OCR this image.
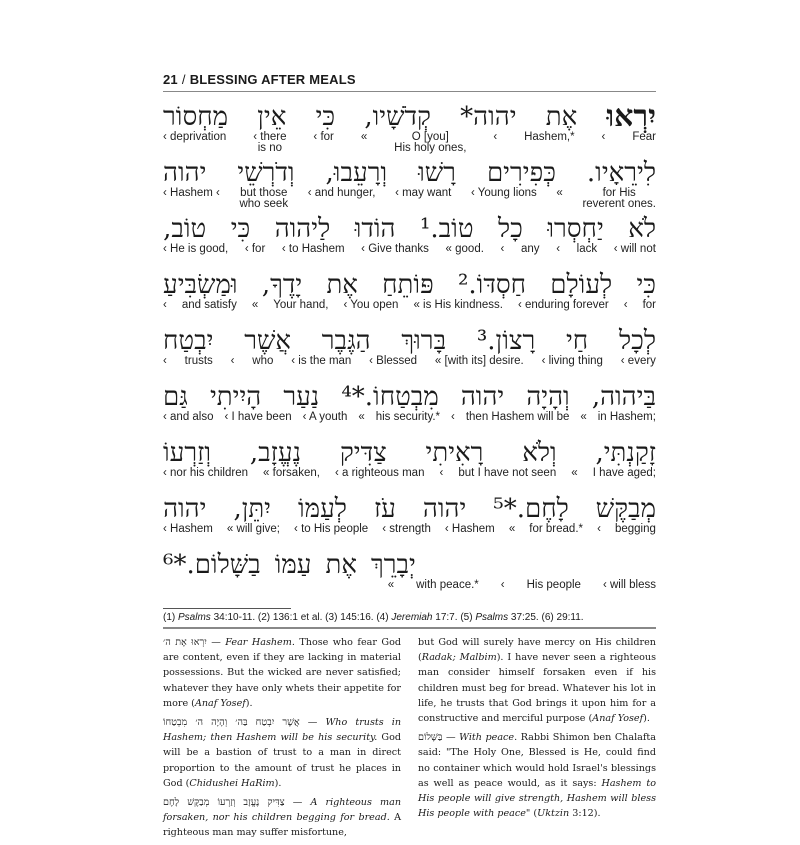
21 / BLESSING AFTER MEALS
יִרְאוּ
אֶת
יהוה*
קְדֹשָׁיו,
כִּי
אֵין
מַחְסוֹר
‹ deprivation ‹ there
is no
‹ for «	O [you]
His holy ones,
‹ Hashem,* ‹ Fear
לִירֵאָיו.
כְּפִירִים
רָשׁוּ
וְרָעֵבוּ,
וְדֹרְשֵׁי
יהוה
‹ Hashem ‹ but those
who seek
‹ and hunger, ‹ may want ‹ Young lions «	for His
reverent ones.
לֹא
יַחְסְרוּ
כָל
טוֹב.¹
הוֹדוּ
לַיהוה
כִּי
טוֹב,
‹ He is good, ‹ for ‹ to Hashem ‹ Give thanks « good. ‹ any ‹ lack ‹ will not
כִּי
לְעוֹלָם
חַסְדּוֹ.²
פּוֹתֵחַ
אֶת
יָדֶךָ,
וּמַשְׂבִּיעַ
‹ and satisfy « Your hand, ‹ You open « is His kindness. ‹ enduring forever ‹ for
לְכָל
חַי
רָצוֹן.³
בָּרוּךְ
הַגֶּבֶר
אֲשֶׁר
יִבְטַח
‹ trusts ‹ who ‹ is the man ‹ Blessed « [with its] desire. ‹ living thing ‹ every
בַּיהוה,
וְהָיָה
יהוה
מִבְטַחוֹ.*⁴
נַעַר
הָיִיתִי
גַּם
‹ and also ‹ I have been ‹ A youth « his security.* ‹ then Hashem will be « in Hashem;
זָקַנְתִּי,
וְלֹא
רָאִיתִי
צַדִּיק
נֶעֱזָב,
וְזַרְעוֹ
‹ nor his children « forsaken, ‹ a righteous man ‹ but I have not seen « I have aged;
מְבַקֶּשׁ
לָחֶם.*⁵
יהוה
עֹז
לְעַמּוֹ
יִתֵּן,
יהוה
‹ Hashem « will give; ‹ to His people ‹ strength ‹ Hashem « for bread.* ‹ begging
יְבָרֵךְ
אֶת
עַמּוֹ
בַשָּׁלוֹם.*⁶
« with peace.* ‹ His people ‹ will bless
(1) Psalms 34:10-11. (2) 136:1 et al. (3) 145:16. (4) Jeremiah 17:7. (5) Psalms 37:25. (6) 29:11.

יִרְאוּ אֶת ה׳ — Fear Hashem. Those who fear God are content, even if they are lacking in material possessions. But the wicked are never satisfied; whatever they have only whets their appetite for more (Anaf Yosef).

אֲשֶׁר יִבְטַח בַּה׳ וְהָיָה ה׳ מִבְטַחוֹ — Who trusts in Hashem; then Hashem will be his security. God will be a bastion of trust to a man in direct proportion to the amount of trust he places in God (Chidushei HaRim).

צַדִּיק נֶעֱזָב וְזַרְעוֹ מְבַקֶּשׁ לָחֶם — A righteous man forsaken, nor his children begging for bread. A righteous man may suffer misfortune,

but God will surely have mercy on His children (Radak; Malbim). I have never seen a righteous man consider himself forsaken even if his children must beg for bread. Whatever his lot in life, he trusts that God brings it upon him for a constructive and merciful purpose (Anaf Yosef).

בַּשָּׁלוֹם — With peace. Rabbi Shimon ben Chalafta said: "The Holy One, Blessed is He, could find no container which would hold Israel's blessings as well as peace would, as it says: Hashem to His people will give strength, Hashem will bless His people with peace" (Uktzin 3:12).
